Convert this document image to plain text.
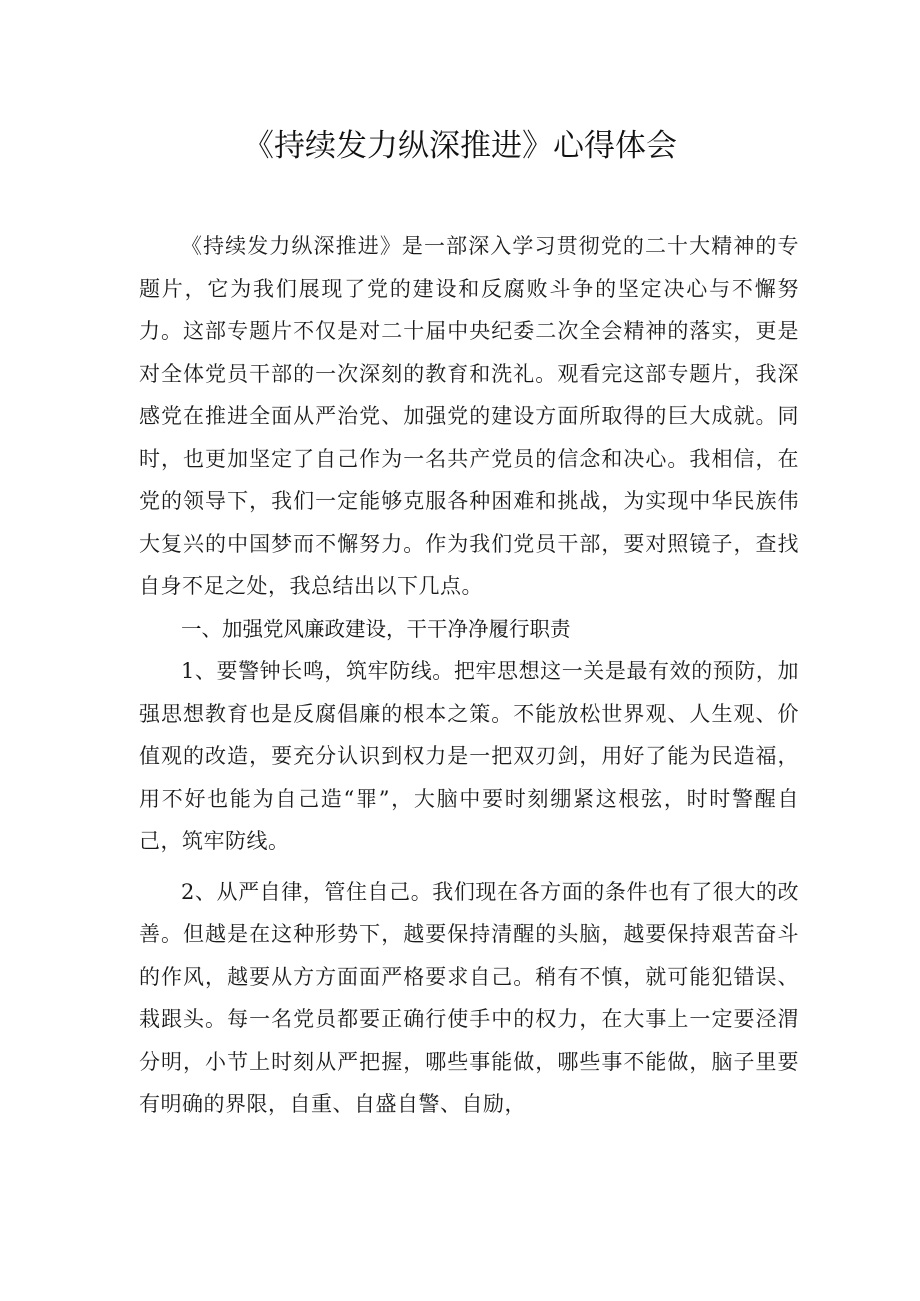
《持续发力纵深推进》心得体会

《持续发力纵深推进》是一部深入学习贯彻党的二十大精神的专题片，它为我们展现了党的建设和反腐败斗争的坚定决心与不懈努力。这部专题片不仅是对二十届中央纪委二次全会精神的落实，更是对全体党员干部的一次深刻的教育和洗礼。观看完这部专题片，我深感党在推进全面从严治党、加强党的建设方面所取得的巨大成就。同时，也更加坚定了自己作为一名共产党员的信念和决心。我相信，在党的领导下，我们一定能够克服各种困难和挑战，为实现中华民族伟大复兴的中国梦而不懈努力。作为我们党员干部，要对照镜子，查找自身不足之处，我总结出以下几点。

一、加强党风廉政建设，干干净净履行职责

1、要警钟长鸣，筑牢防线。把牢思想这一关是最有效的预防，加强思想教育也是反腐倡廉的根本之策。不能放松世界观、人生观、价值观的改造，要充分认识到权力是一把双刃剑，用好了能为民造福，用不好也能为自己造“罪”，大脑中要时刻绷紧这根弦，时时警醒自己，筑牢防线。

2、从严自律，管住自己。我们现在各方面的条件也有了很大的改善。但越是在这种形势下，越要保持清醒的头脑，越要保持艰苦奋斗的作风，越要从方方面面严格要求自己。稍有不慎，就可能犯错误、栽跟头。每一名党员都要正确行使手中的权力，在大事上一定要泾渭分明，小节上时刻从严把握，哪些事能做，哪些事不能做，脑子里要有明确的界限，自重、自盛自警、自励，
